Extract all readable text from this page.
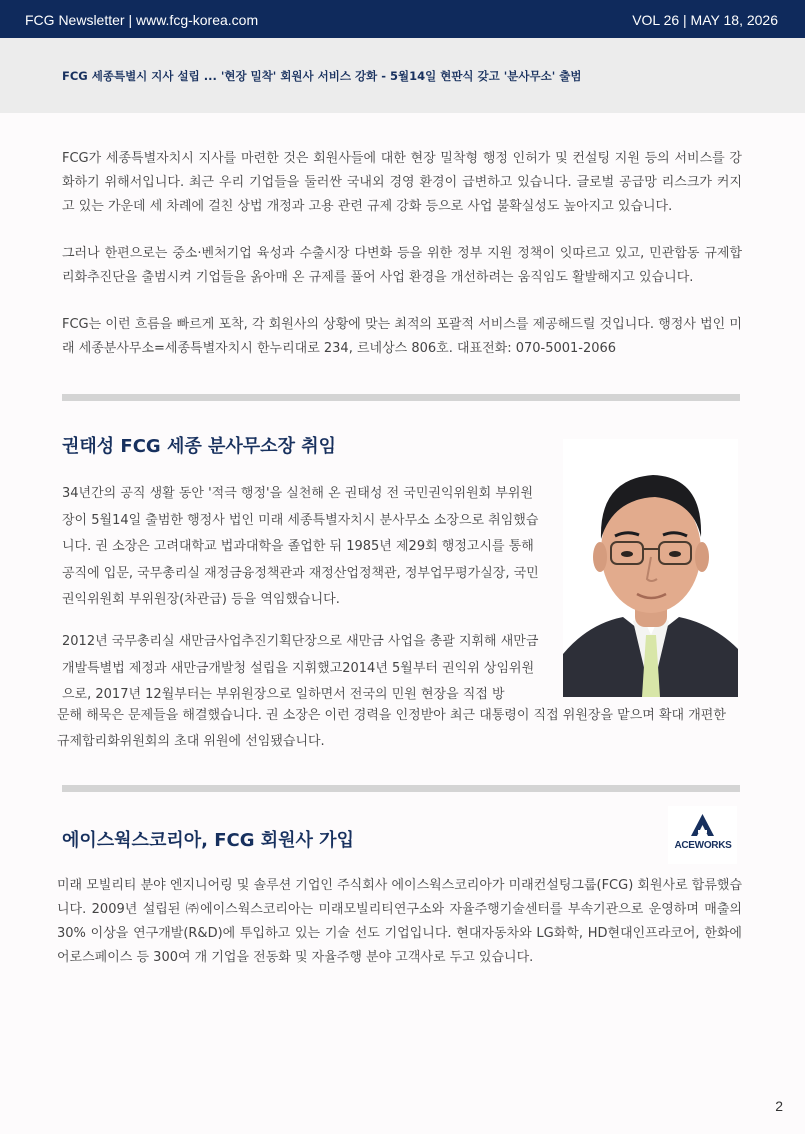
FCG Newsletter | www.fcg-korea.com	VOL 26 | MAY 18, 2026
FCG 세종특별시 지사 설립 ... '현장 밀착' 회원사 서비스 강화 - 5월14일 현판식 갖고 '분사무소' 출범

FCG가 세종특별자치시 지사를 마련한 것은 회원사들에 대한 현장 밀착형 행정 인허가 및 컨설팅 지원 등의 서비스를 강화하기 위해서입니다. 최근 우리 기업들을 둘러싼 국내외 경영 환경이 급변하고 있습니다. 글로벌 공급망 리스크가 커지고 있는 가운데 세 차례에 걸친 상법 개정과 고용 관련 규제 강화 등으로 사업 불확실성도 높아지고 있습니다.

그러나 한편으로는 중소·벤처기업 육성과 수출시장 다변화 등을 위한 정부 지원 정책이 잇따르고 있고, 민관합동 규제합리화추진단을 출범시켜 기업들을 옭아매 온 규제를 풀어 사업 환경을 개선하려는 움직임도 활발해지고 있습니다.

FCG는 이런 흐름을 빠르게 포착, 각 회원사의 상황에 맞는 최적의 포괄적 서비스를 제공해드릴 것입니다. 행정사 법인 미래 세종분사무소=세종특별자치시 한누리대로 234, 르네상스 806호. 대표전화: 070-5001-2066

권태성 FCG 세종 분사무소장 취임

34년간의 공직 생활 동안 '적극 행정'을 실천해 온 권태성 전 국민권익위원회 부위원장이 5월14일 출범한 행정사 법인 미래 세종특별자치시 분사무소 소장으로 취임했습니다. 권 소장은 고려대학교 법과대학을 졸업한 뒤 1985년 제29회 행정고시를 통해 공직에 입문, 국무총리실 재정금융정책관과 재정산업정책관, 정부업무평가실장, 국민권익위원회 부위원장(차관급) 등을 역임했습니다.

2012년 국무총리실 새만금사업추진기획단장으로 새만금 사업을 총괄 지휘해 새만금개발특별법 제정과 새만금개발청 설립을 지휘했고2014년 5월부터 권익위 상임위원으로, 2017년 12월부터는 부위원장으로 일하면서 전국의 민원 현장을 직접 방

문해 해묵은 문제들을 해결했습니다. 권 소장은 이런 경력을 인정받아 최근 대통령이 직접 위원장을 맡으며 확대 개편한 규제합리화위원회의 초대 위원에 선임됐습니다.

에이스웍스코리아, FCG 회원사 가입	ACEWORKS

미래 모빌리티 분야 엔지니어링 및 솔루션 기업인 주식회사 에이스웍스코리아가 미래컨설팅그룹(FCG) 회원사로 합류했습니다. 2009년 설립된 ㈜에이스웍스코리아는 미래모빌리티연구소와 자율주행기술센터를 부속기관으로 운영하며 매출의 30% 이상을 연구개발(R&D)에 투입하고 있는 기술 선도 기업입니다. 현대자동차와 LG화학, HD현대인프라코어, 한화에어로스페이스 등 300여 개 기업을 전동화 및 자율주행 분야 고객사로 두고 있습니다.

2
